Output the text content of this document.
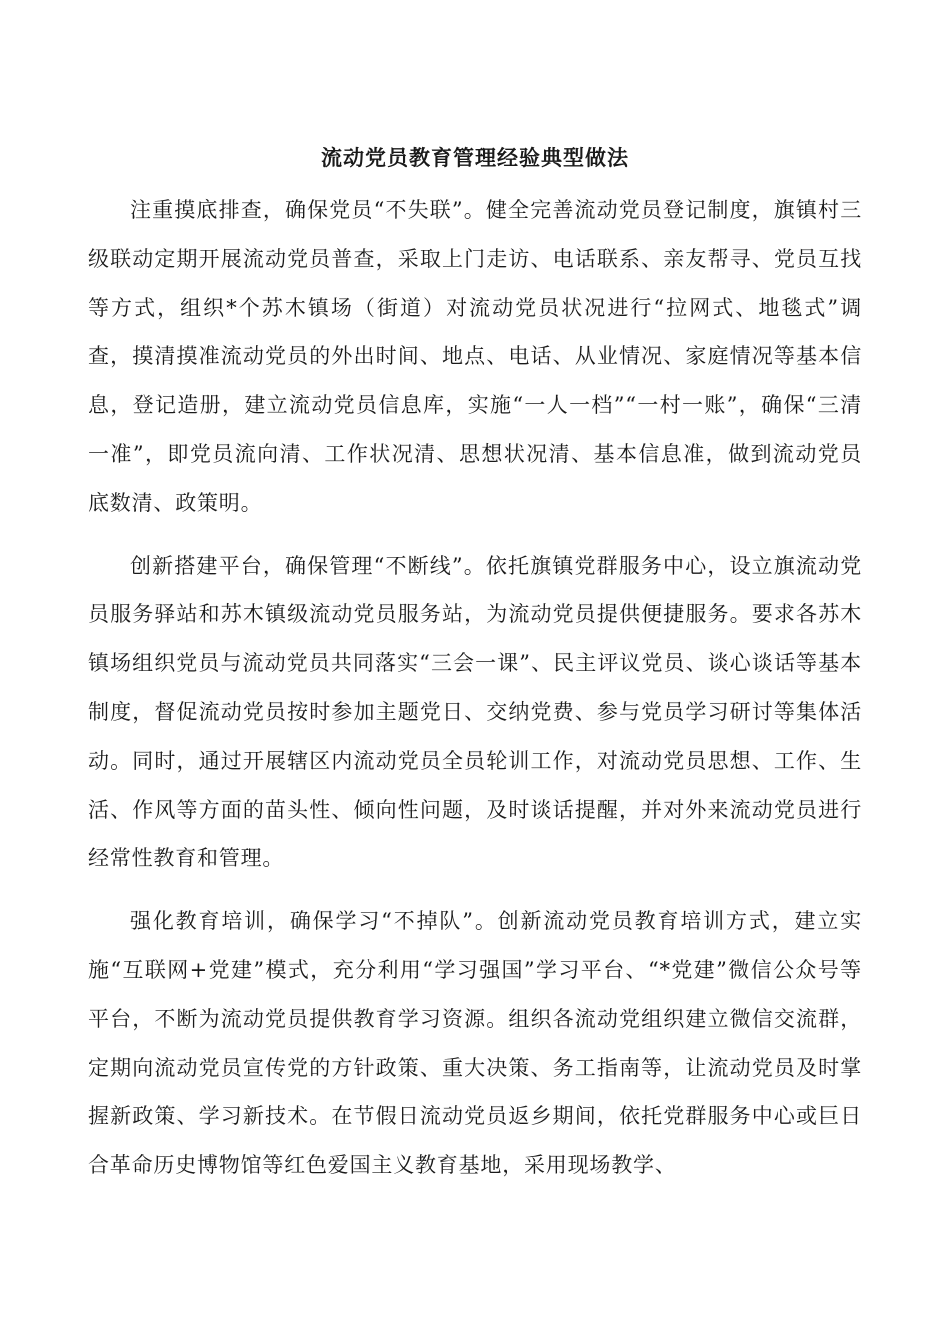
流动党员教育管理经验典型做法

注重摸底排查，确保党员“不失联”。健全完善流动党员登记制度，旗镇村三级联动定期开展流动党员普查，采取上门走访、电话联系、亲友帮寻、党员互找等方式，组织*个苏木镇场（街道）对流动党员状况进行“拉网式、地毯式”调查，摸清摸准流动党员的外出时间、地点、电话、从业情况、家庭情况等基本信息，登记造册，建立流动党员信息库，实施“一人一档”“一村一账”，确保“三清一准”，即党员流向清、工作状况清、思想状况清、基本信息准，做到流动党员底数清、政策明。

创新搭建平台，确保管理“不断线”。依托旗镇党群服务中心，设立旗流动党员服务驿站和苏木镇级流动党员服务站，为流动党员提供便捷服务。要求各苏木镇场组织党员与流动党员共同落实“三会一课”、民主评议党员、谈心谈话等基本制度，督促流动党员按时参加主题党日、交纳党费、参与党员学习研讨等集体活动。同时，通过开展辖区内流动党员全员轮训工作，对流动党员思想、工作、生活、作风等方面的苗头性、倾向性问题，及时谈话提醒，并对外来流动党员进行经常性教育和管理。

强化教育培训，确保学习“不掉队”。创新流动党员教育培训方式，建立实施“互联网+党建”模式，充分利用“学习强国”学习平台、“*党建”微信公众号等平台，不断为流动党员提供教育学习资源。组织各流动党组织建立微信交流群，定期向流动党员宣传党的方针政策、重大决策、务工指南等，让流动党员及时掌握新政策、学习新技术。在节假日流动党员返乡期间，依托党群服务中心或巨日合革命历史博物馆等红色爱国主义教育基地，采用现场教学、
